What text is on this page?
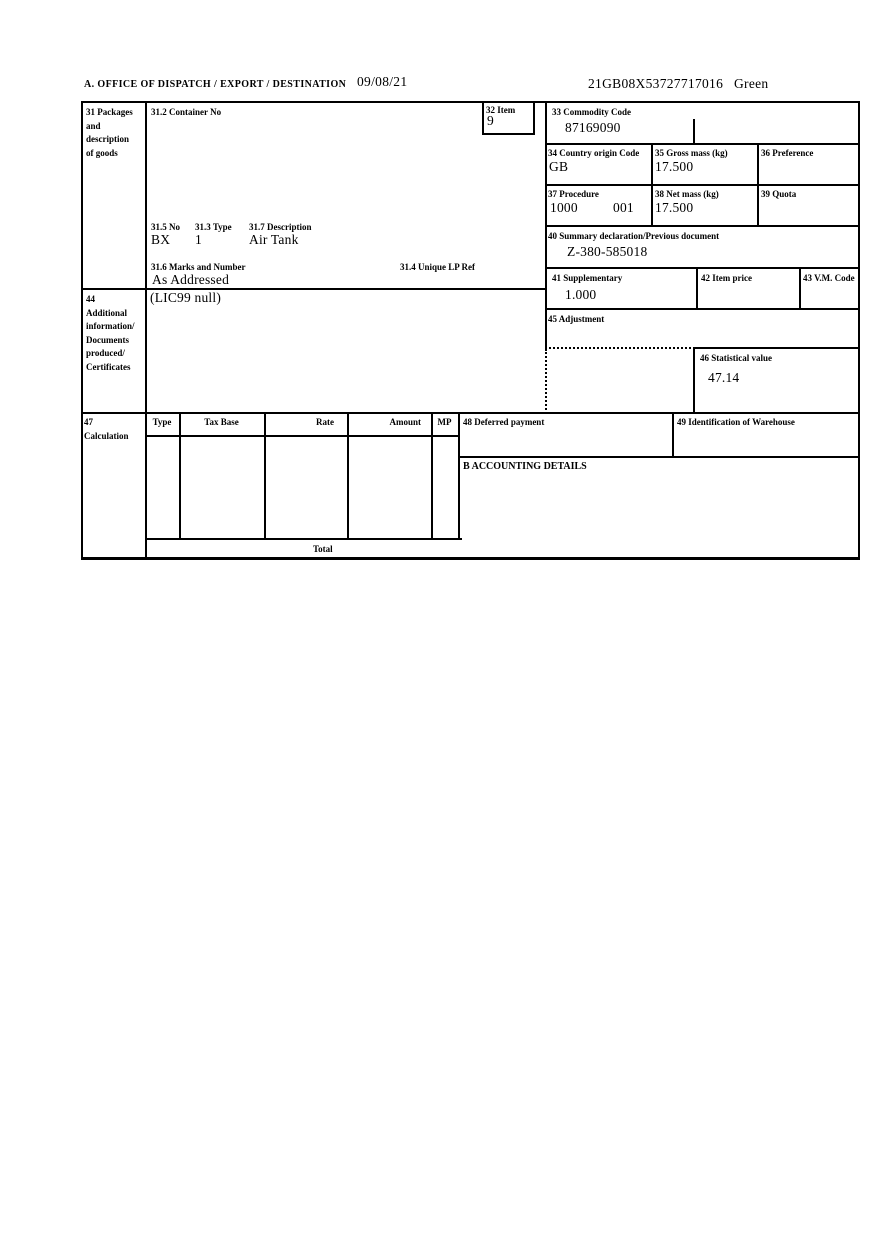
A. OFFICE OF DISPATCH / EXPORT / DESTINATION 09/08/21	21GB08X53727717016 Green
31 Packages
and
description
of goods
31.2 Container No
31.5 No 31.3 Type 31.7 Description
BX 1	Air Tank
31.6 Marks and Number	31.4 Unique LP Ref
As Addressed
32 Item
9
33 Commodity Code
87169090
34 Country origin Code
GB
35 Gross mass (kg)
17.500
36 Preference
37 Procedure
1000	001
38 Net mass (kg)
17.500
39 Quota
40 Summary declaration/Previous document
Z-380-585018
41 Supplementary
1.000
42 Item price	43 V.M. Code
44
Additional
information/
Documents
produced/
Certificates
(LIC99 null)
45 Adjustment
46 Statistical value
47.14
47
Calculation
Type	Tax Base	Rate	Amount	MP
Total
48 Deferred payment	49 Identification of Warehouse
B ACCOUNTING DETAILS
